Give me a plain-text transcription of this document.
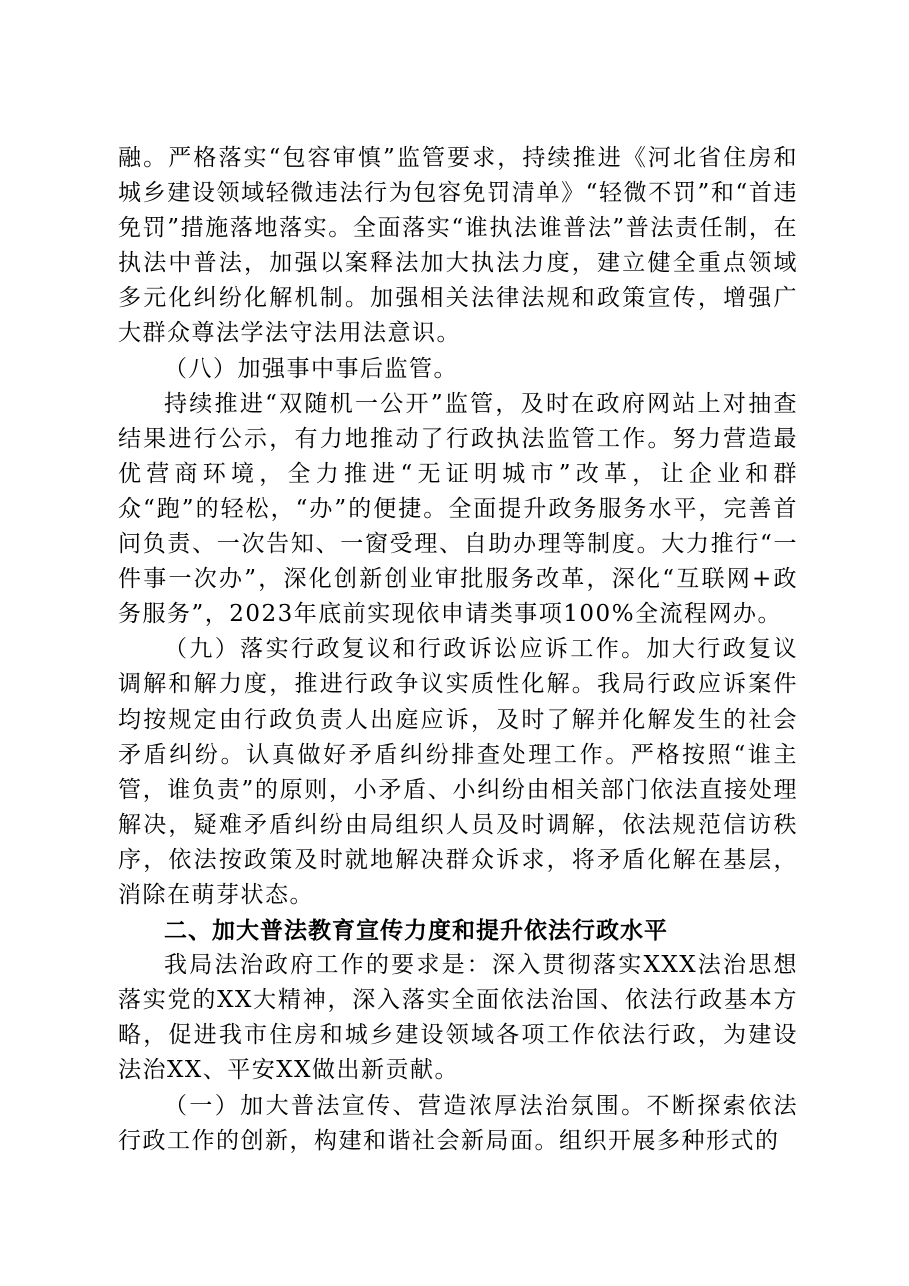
融。严格落实“包容审慎”监管要求，持续推进《河北省住房和城乡建设领域轻微违法行为包容免罚清单》“轻微不罚”和“首违免罚”措施落地落实。全面落实“谁执法谁普法”普法责任制，在执法中普法，加强以案释法加大执法力度，建立健全重点领域多元化纠纷化解机制。加强相关法律法规和政策宣传，增强广大群众尊法学法守法用法意识。

（八）加强事中事后监管。

持续推进“双随机一公开”监管，及时在政府网站上对抽查结果进行公示，有力地推动了行政执法监管工作。努力营造最优营商环境，全力推进“无证明城市”改革，让企业和群众“跑”的轻松，“办”的便捷。全面提升政务服务水平，完善首问负责、一次告知、一窗受理、自助办理等制度。大力推行“一件事一次办”，深化创新创业审批服务改革，深化“互联网+政务服务”，2023年底前实现依申请类事项100%全流程网办。

（九）落实行政复议和行政诉讼应诉工作。加大行政复议调解和解力度，推进行政争议实质性化解。我局行政应诉案件均按规定由行政负责人出庭应诉，及时了解并化解发生的社会矛盾纠纷。认真做好矛盾纠纷排查处理工作。严格按照“谁主管，谁负责”的原则，小矛盾、小纠纷由相关部门依法直接处理解决，疑难矛盾纠纷由局组织人员及时调解，依法规范信访秩序，依法按政策及时就地解决群众诉求，将矛盾化解在基层，消除在萌芽状态。

二、加大普法教育宣传力度和提升依法行政水平

我局法治政府工作的要求是：深入贯彻落实XXX法治思想落实党的XX大精神，深入落实全面依法治国、依法行政基本方略，促进我市住房和城乡建设领域各项工作依法行政，为建设法治XX、平安XX做出新贡献。

（一）加大普法宣传、营造浓厚法治氛围。不断探索依法行政工作的创新，构建和谐社会新局面。组织开展多种形式的
